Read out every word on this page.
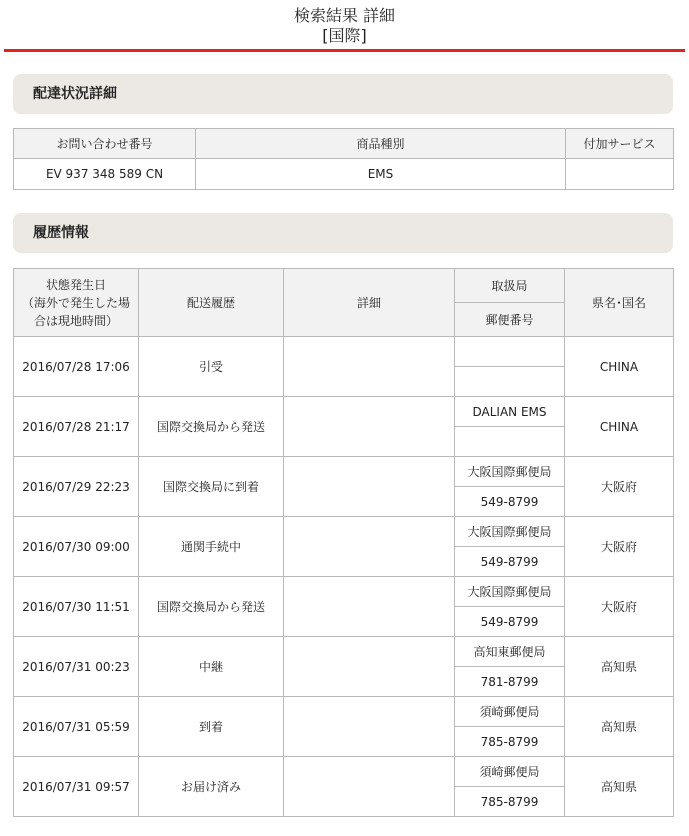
検索結果 詳細
[国際]
配達状況詳細
お問い合わせ番号	商品種別	付加サービス
EV 937 348 589 CN	EMS	
履歴情報
状態発生日
（海外で発生した場
合は現地時間）	配送履歴	詳細	取扱局	県名･国名
			郵便番号	
2016/07/28 17:06	引受			CHINA

2016/07/28 21:17	国際交換局から発送		DALIAN EMS	CHINA

2016/07/29 22:23	国際交換局に到着		大阪国際郵便局	大阪府
			549-8799	
2016/07/30 09:00	通関手続中		大阪国際郵便局	大阪府
			549-8799	
2016/07/30 11:51	国際交換局から発送		大阪国際郵便局	大阪府
			549-8799	
2016/07/31 00:23	中継		高知東郵便局	高知県
			781-8799	
2016/07/31 05:59	到着		須崎郵便局	高知県
			785-8799	
2016/07/31 09:57	お届け済み		須崎郵便局	高知県
			785-8799	
